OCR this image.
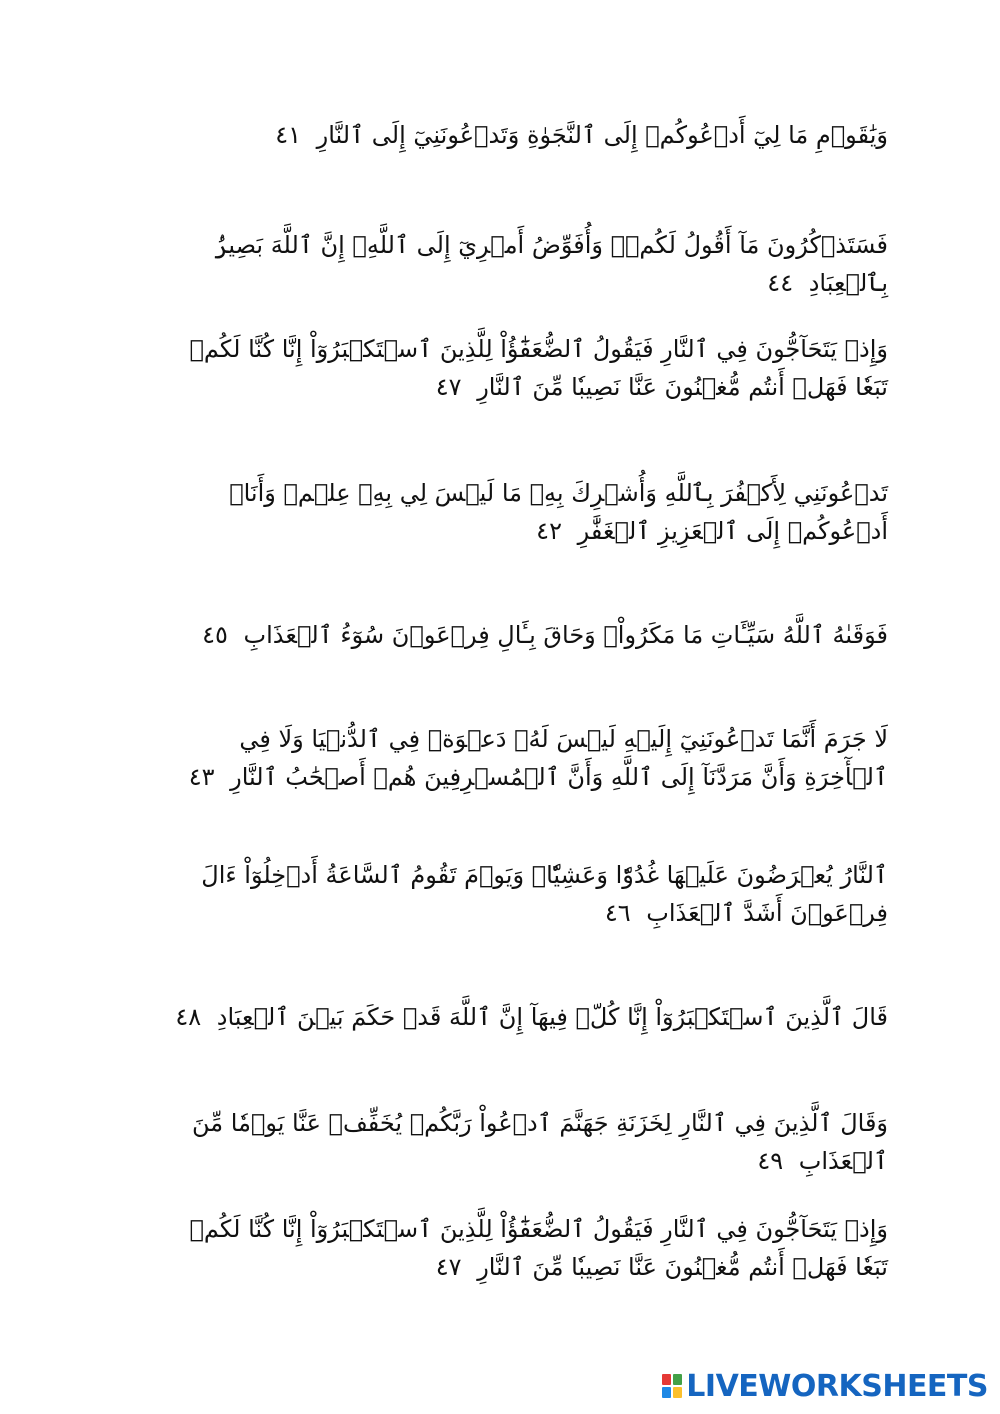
وَيَٰقَوۡمِ مَا لِيٓ أَدۡعُوكُمۡ إِلَى ٱلنَّجَوٰةِ وَتَدۡعُونَنِيٓ إِلَى ٱلنَّارِ ٤١
فَسَتَذۡكُرُونَ مَآ أَقُولُ لَكُمۡۚ وَأُفَوِّضُ أَمۡرِيٓ إِلَى ٱللَّهِۚ إِنَّ ٱللَّهَ بَصِيرُۢ بِٱلۡعِبَادِ ٤٤
وَإِذۡ يَتَحَآجُّونَ فِي ٱلنَّارِ فَيَقُولُ ٱلضُّعَفَٰٓؤُاْ لِلَّذِينَ ٱسۡتَكۡبَرُوٓاْ إِنَّا كُنَّا لَكُمۡ تَبَعٗا فَهَلۡ أَنتُم مُّغۡنُونَ عَنَّا نَصِيبٗا مِّنَ ٱلنَّارِ ٤٧
تَدۡعُونَنِي لِأَكۡفُرَ بِٱللَّهِ وَأُشۡرِكَ بِهِۦ مَا لَيۡسَ لِي بِهِۦ عِلۡمٞ وَأَنَا۠ أَدۡعُوكُمۡ إِلَى ٱلۡعَزِيزِ ٱلۡغَفَّٰرِ ٤٢
فَوَقَىٰهُ ٱللَّهُ سَيِّـَٔاتِ مَا مَكَرُواْۖ وَحَاقَ بِـَٔالِ فِرۡعَوۡنَ سُوٓءُ ٱلۡعَذَابِ ٤٥
لَا جَرَمَ أَنَّمَا تَدۡعُونَنِيٓ إِلَيۡهِ لَيۡسَ لَهُۥ دَعۡوَةٞ فِي ٱلدُّنۡيَا وَلَا فِي ٱلۡأٓخِرَةِ وَأَنَّ مَرَدَّنَآ إِلَى ٱللَّهِ وَأَنَّ ٱلۡمُسۡرِفِينَ هُمۡ أَصۡحَٰبُ ٱلنَّارِ ٤٣
ٱلنَّارُ يُعۡرَضُونَ عَلَيۡهَا غُدُوّٗا وَعَشِيّٗاۖ وَيَوۡمَ تَقُومُ ٱلسَّاعَةُ أَدۡخِلُوٓاْ ءَالَ فِرۡعَوۡنَ أَشَدَّ ٱلۡعَذَابِ ٤٦
قَالَ ٱلَّذِينَ ٱسۡتَكۡبَرُوٓاْ إِنَّا كُلّٞ فِيهَآ إِنَّ ٱللَّهَ قَدۡ حَكَمَ بَيۡنَ ٱلۡعِبَادِ ٤٨
وَقَالَ ٱلَّذِينَ فِي ٱلنَّارِ لِخَزَنَةِ جَهَنَّمَ ٱدۡعُواْ رَبَّكُمۡ يُخَفِّفۡ عَنَّا يَوۡمٗا مِّنَ ٱلۡعَذَابِ ٤٩
وَإِذۡ يَتَحَآجُّونَ فِي ٱلنَّارِ فَيَقُولُ ٱلضُّعَفَٰٓؤُاْ لِلَّذِينَ ٱسۡتَكۡبَرُوٓاْ إِنَّا كُنَّا لَكُمۡ تَبَعٗا فَهَلۡ أَنتُم مُّغۡنُونَ عَنَّا نَصِيبٗا مِّنَ ٱلنَّارِ ٤٧
LIVEWORKSHEETS
